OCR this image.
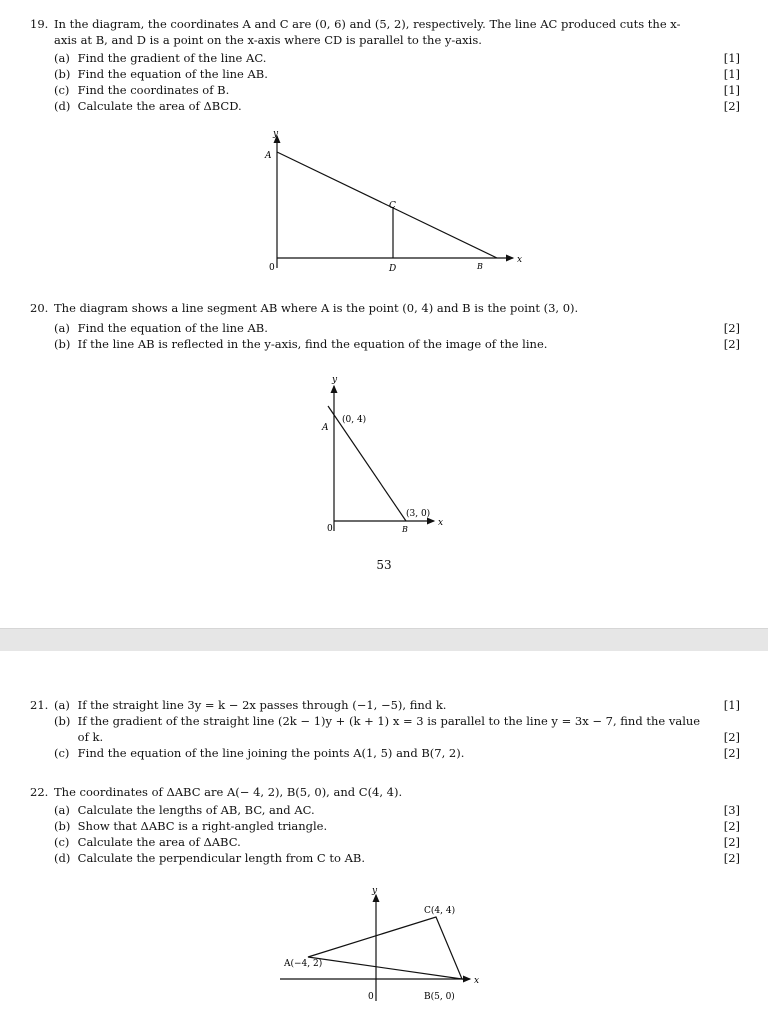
19. In the diagram, the coordinates A and C are (0, 6) and (5, 2), respectively. The line AC produced cuts the x-
axis at B, and D is a point on the x-axis where CD is parallel to the y-axis.
(a) Find the gradient of the line AC.	[1]
(b) Find the equation of the line AB.	[1]
(c) Find the coordinates of B.	[1]
(d) Calculate the area of ΔBCD.	[2]
y
x
A
C
0	D	B
20. The diagram shows a line segment AB where A is the point (0, 4) and B is the point (3, 0).
(a) Find the equation of the line AB.	[2]
(b) If the line AB is reflected in the y-axis, find the equation of the image of the line.	[2]
y
x
A
(0, 4)
0	B
(3, 0)
53
21. (a) If the straight line 3y = k − 2x passes through (−1, −5), find k.	[1]
(b) If the gradient of the straight line (2k − 1)y + (k + 1) x = 3 is parallel to the line y = 3x − 7, find the value
of k.	[2]
(c) Find the equation of the line joining the points A(1, 5) and B(7, 2).	[2]
22. The coordinates of ΔABC are A(− 4, 2), B(5, 0), and C(4, 4).
(a) Calculate the lengths of AB, BC, and AC.	[3]
(b) Show that ΔABC is a right-angled triangle.	[2]
(c) Calculate the area of ΔABC.	[2]
(d) Calculate the perpendicular length from C to AB.	[2]
y
x
A(−4, 2)
B(5, 0)
C(4, 4)
0
